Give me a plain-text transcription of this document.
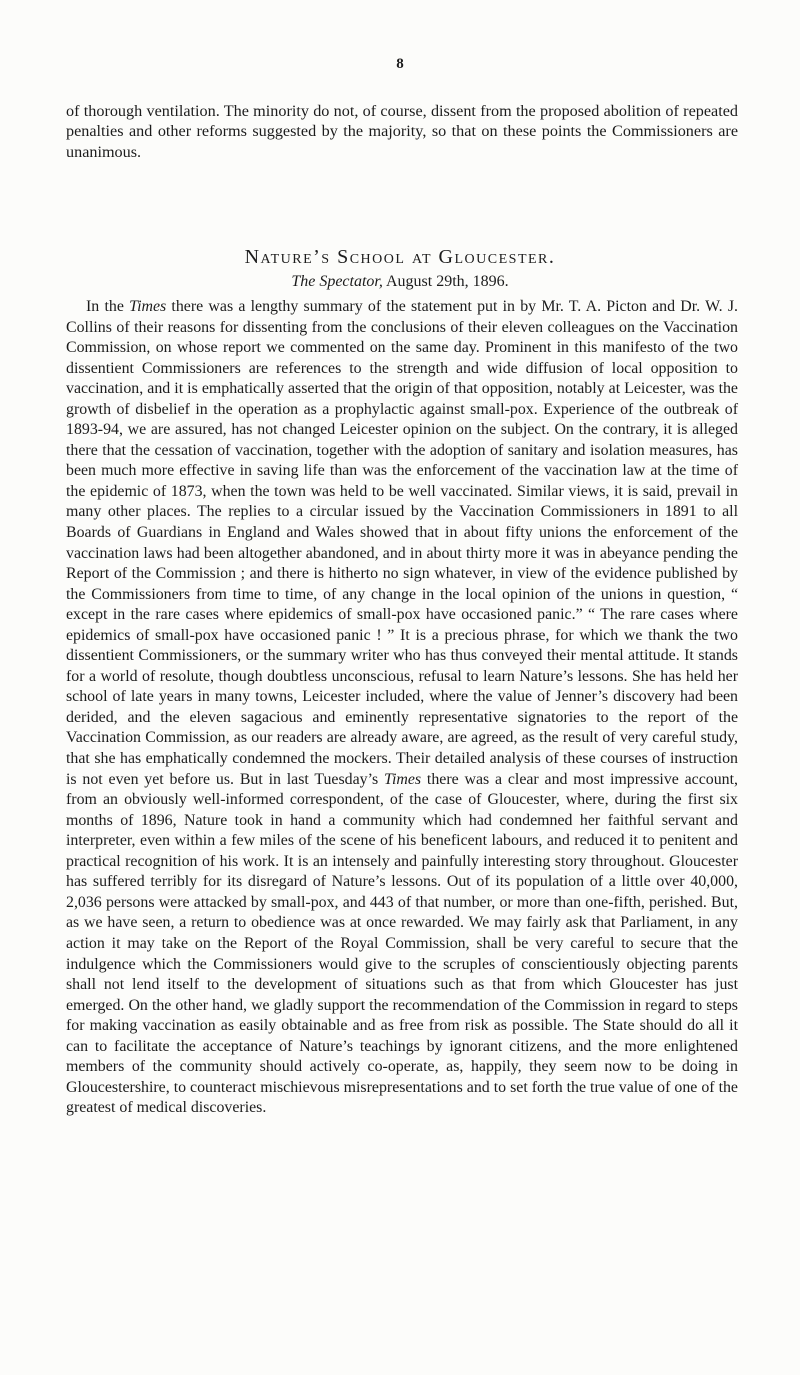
8

of thorough ventilation. The minority do not, of course, dissent from the proposed abolition of repeated penalties and other reforms suggested by the majority, so that on these points the Commissioners are unanimous.

Nature’s School at Gloucester.

The Spectator, August 29th, 1896.

In the Times there was a lengthy summary of the statement put in by Mr. T. A. Picton and Dr. W. J. Collins of their reasons for dissenting from the conclusions of their eleven colleagues on the Vaccination Commission, on whose report we commented on the same day. Prominent in this manifesto of the two dissentient Commissioners are references to the strength and wide diffusion of local opposition to vaccination, and it is emphatically asserted that the origin of that opposition, notably at Leicester, was the growth of disbelief in the operation as a prophylactic against small-pox. Experience of the outbreak of 1893-94, we are assured, has not changed Leicester opinion on the subject. On the contrary, it is alleged there that the cessation of vaccination, together with the adoption of sanitary and isolation measures, has been much more effective in saving life than was the enforcement of the vaccination law at the time of the epidemic of 1873, when the town was held to be well vaccinated. Similar views, it is said, prevail in many other places. The replies to a circular issued by the Vaccination Commissioners in 1891 to all Boards of Guardians in England and Wales showed that in about fifty unions the enforcement of the vaccination laws had been altogether abandoned, and in about thirty more it was in abeyance pending the Report of the Commission ; and there is hitherto no sign whatever, in view of the evidence published by the Commissioners from time to time, of any change in the local opinion of the unions in question, “ except in the rare cases where epidemics of small-pox have occasioned panic.” “ The rare cases where epidemics of small-pox have occasioned panic ! ” It is a precious phrase, for which we thank the two dissentient Commissioners, or the summary writer who has thus conveyed their mental attitude. It stands for a world of resolute, though doubtless unconscious, refusal to learn Nature’s lessons. She has held her school of late years in many towns, Leicester included, where the value of Jenner’s discovery had been derided, and the eleven sagacious and eminently representative signatories to the report of the Vaccination Commission, as our readers are already aware, are agreed, as the result of very careful study, that she has emphatically condemned the mockers. Their detailed analysis of these courses of instruction is not even yet before us. But in last Tuesday’s Times there was a clear and most impressive account, from an obviously well-informed correspondent, of the case of Gloucester, where, during the first six months of 1896, Nature took in hand a community which had condemned her faithful servant and interpreter, even within a few miles of the scene of his beneficent labours, and reduced it to penitent and practical recognition of his work. It is an intensely and painfully interesting story throughout. Gloucester has suffered terribly for its disregard of Nature’s lessons. Out of its population of a little over 40,000, 2,036 persons were attacked by small-pox, and 443 of that number, or more than one-fifth, perished. But, as we have seen, a return to obedience was at once rewarded. We may fairly ask that Parliament, in any action it may take on the Report of the Royal Commission, shall be very careful to secure that the indulgence which the Commissioners would give to the scruples of conscientiously objecting parents shall not lend itself to the development of situations such as that from which Gloucester has just emerged. On the other hand, we gladly support the recommendation of the Commission in regard to steps for making vaccination as easily obtainable and as free from risk as possible. The State should do all it can to facilitate the acceptance of Nature’s teachings by ignorant citizens, and the more enlightened members of the community should actively co-operate, as, happily, they seem now to be doing in Gloucestershire, to counteract mischievous misrepresentations and to set forth the true value of one of the greatest of medical discoveries.
